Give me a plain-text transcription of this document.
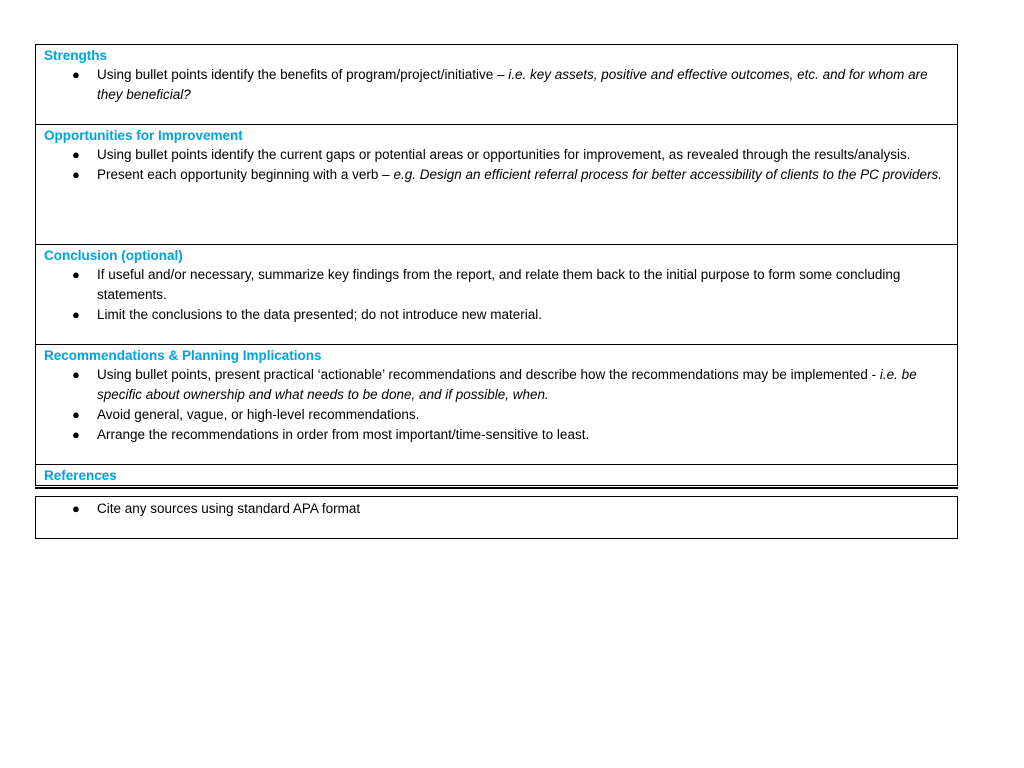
Strengths
● Using bullet points identify the benefits of program/project/initiative – i.e. key assets, positive and effective outcomes, etc. and for whom are they beneficial?
Opportunities for Improvement
● Using bullet points identify the current gaps or potential areas or opportunities for improvement, as revealed through the results/analysis.
● Present each opportunity beginning with a verb – e.g. Design an efficient referral process for better accessibility of clients to the PC providers.
Conclusion (optional)
● If useful and/or necessary, summarize key findings from the report, and relate them back to the initial purpose to form some concluding statements.
● Limit the conclusions to the data presented; do not introduce new material.
Recommendations & Planning Implications
● Using bullet points, present practical ‘actionable’ recommendations and describe how the recommendations may be implemented - i.e. be specific about ownership and what needs to be done, and if possible, when.
● Avoid general, vague, or high-level recommendations.
● Arrange the recommendations in order from most important/time-sensitive to least.
References
● Cite any sources using standard APA format
